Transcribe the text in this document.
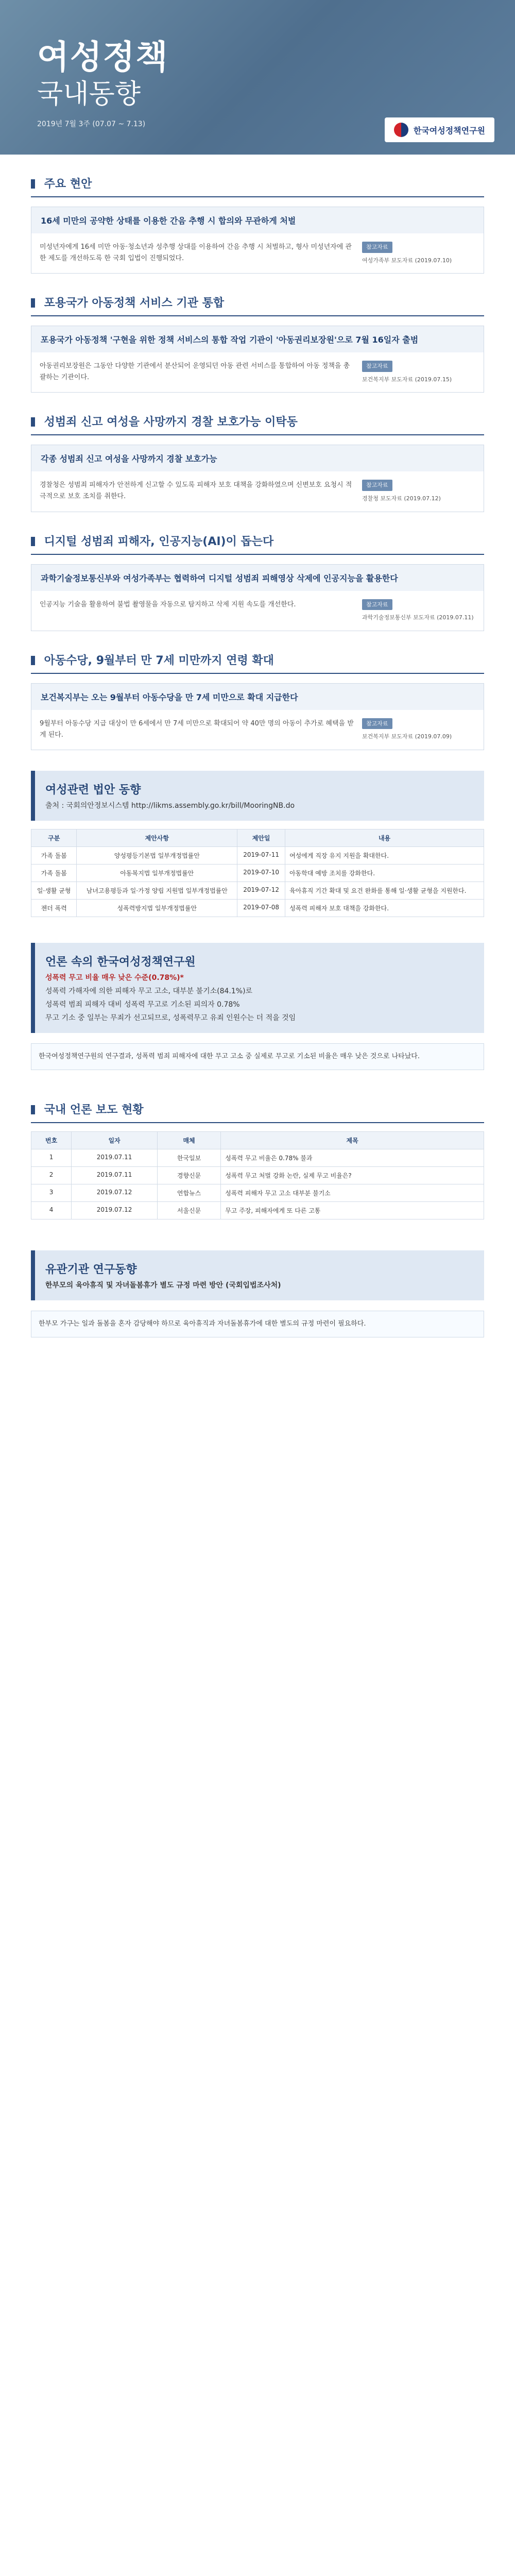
여성정책
국내동향
2019년 7월 3주 (07.07 ~ 7.13)
한국여성정책연구원
주요 현안
16세 미만의 공약한 상태를 이용한 간음 추행 시 합의와 무관하게 처벌
미성년자에게 16세 미만 아동·청소년과 성추행 상대를 이용하여 간음 추행 시 처벌하고, 형사 미성년자에 관한 제도를 개선하도록 한 국회 입법이 진행되었다.
참고자료
여성가족부 보도자료 (2019.07.10)
포용국가 아동정책 서비스 기관 통합
포용국가 아동정책 '구현을 위한 정책 서비스의 통합 작업 기관이 '아동권리보장원'으로 7월 16일자 출범
아동권리보장원은 그동안 다양한 기관에서 분산되어 운영되던 아동 관련 서비스를 통합하여 아동 정책을 총괄하는 기관이다.
참고자료
보건복지부 보도자료 (2019.07.15)
성범죄 신고 여성을 사망까지 경찰 보호가능 이탁동
각종 성범죄 신고 여성을 사망까지 경찰 보호가능
경찰청은 성범죄 피해자가 안전하게 신고할 수 있도록 피해자 보호 대책을 강화하였으며 신변보호 요청시 적극적으로 보호 조치를 취한다.
참고자료
경찰청 보도자료 (2019.07.12)
디지털 성범죄 피해자, 인공지능(AI)이 돕는다
과학기술정보통신부와 여성가족부는 협력하여 디지털 성범죄 피해영상 삭제에 인공지능을 활용한다
인공지능 기술을 활용하여 불법 촬영물을 자동으로 탐지하고 삭제 지원 속도를 개선한다.	참고자료
과학기술정보통신부 보도자료 (2019.07.11)
아동수당, 9월부터 만 7세 미만까지 연령 확대
보건복지부는 오는 9월부터 아동수당을 만 7세 미만으로 확대 지급한다
9월부터 아동수당 지급 대상이 만 6세에서 만 7세 미만으로 확대되어 약 40만 명의 아동이 추가로 혜택을 받게 된다.
참고자료
보건복지부 보도자료 (2019.07.09)
여성관련 법안 동향
출처 : 국회의안정보시스템 http://likms.assembly.go.kr/bill/MooringNB.do
구분	제안사항	제안일	내용
가족 돌봄	양성평등기본법 일부개정법률안	2019-07-11	여성에게 직장 유지 지원을 확대한다.
가족 돌봄	아동복지법 일부개정법률안	2019-07-10	아동학대 예방 조치를 강화한다.
일·생활 균형	남녀고용평등과 일·가정 양립 지원법 일부개정법률안	2019-07-12	육아휴직 기간 확대 및 요건 완화를 통해 일·생활 균형을 지원한다.
젠더 폭력	성폭력방지법 일부개정법률안	2019-07-08	성폭력 피해자 보호 대책을 강화한다.
언론 속의 한국여성정책연구원
성폭력 무고 비율 매우 낮은 수준(0.78%)*
성폭력 가해자에 의한 피해자 무고 고소, 대부분 불기소(84.1%)로
성폭력 범죄 피해자 대비 성폭력 무고로 기소된 피의자 0.78%
무고 기소 중 일부는 무죄가 선고되므로, 성폭력무고 유죄 인원수는 더 적을 것임
한국여성정책연구원의 연구결과, 성폭력 범죄 피해자에 대한 무고 고소 중 실제로 무고로 기소된 비율은 매우 낮은 것으로 나타났다.
국내 언론 보도 현황
번호	일자	매체	제목
1	2019.07.11	한국일보	성폭력 무고 비율은 0.78% 불과
2	2019.07.11	경향신문	성폭력 무고 처벌 강화 논란, 실제 무고 비율은?
3	2019.07.12	연합뉴스	성폭력 피해자 무고 고소 대부분 불기소
4	2019.07.12	서울신문	무고 주장, 피해자에게 또 다른 고통
유관기관 연구동향
한부모의 육아휴직 및 자녀돌봄휴가 별도 규정 마련 방안 (국회입법조사처)
한부모 가구는 일과 돌봄을 혼자 감당해야 하므로 육아휴직과 자녀돌봄휴가에 대한 별도의 규정 마련이 필요하다.
